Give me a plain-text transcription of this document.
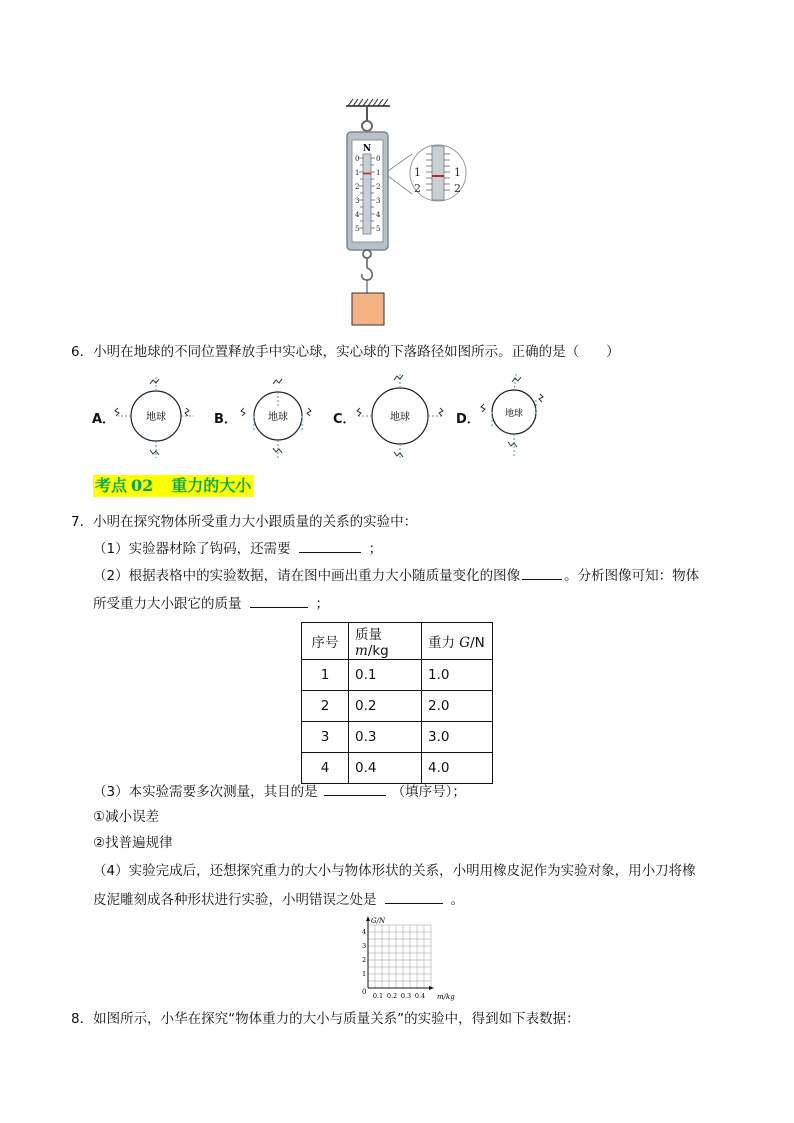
N
0
1
2
3
4
5
0
1
2
3
4
5
1
2
1
2
6．小明在地球的不同位置释放手中实心球，实心球的下落路径如图所示。正确的是（　　）
A．	B．	C．	D．
地球	地球	地球	地球
考点 02 重力的大小
7．小明在探究物体所受重力大小跟质量的关系的实验中：
（1）实验器材除了钩码，还需要	；
（2）根据表格中的实验数据，请在图中画出重力大小随质量变化的图像	。分析图像可知：物体
所受重力大小跟它的质量	；
序号	质量m/kg	重力 G/N
1	0.1	1.0
2	0.2	2.0
3	0.3	3.0
4	0.4	4.0
（3）本实验需要多次测量，其目的是	（填序号）；
①减小误差
②找普遍规律
（4）实验完成后，还想探究重力的大小与物体形状的关系，小明用橡皮泥作为实验对象，用小刀将橡
皮泥雕刻成各种形状进行实验，小明错误之处是	。
G/N
m/kg
0 0.1 0.2 0.3 0.4
1
2
3
4
8．如图所示，小华在探究“物体重力的大小与质量关系”的实验中，得到如下表数据：
